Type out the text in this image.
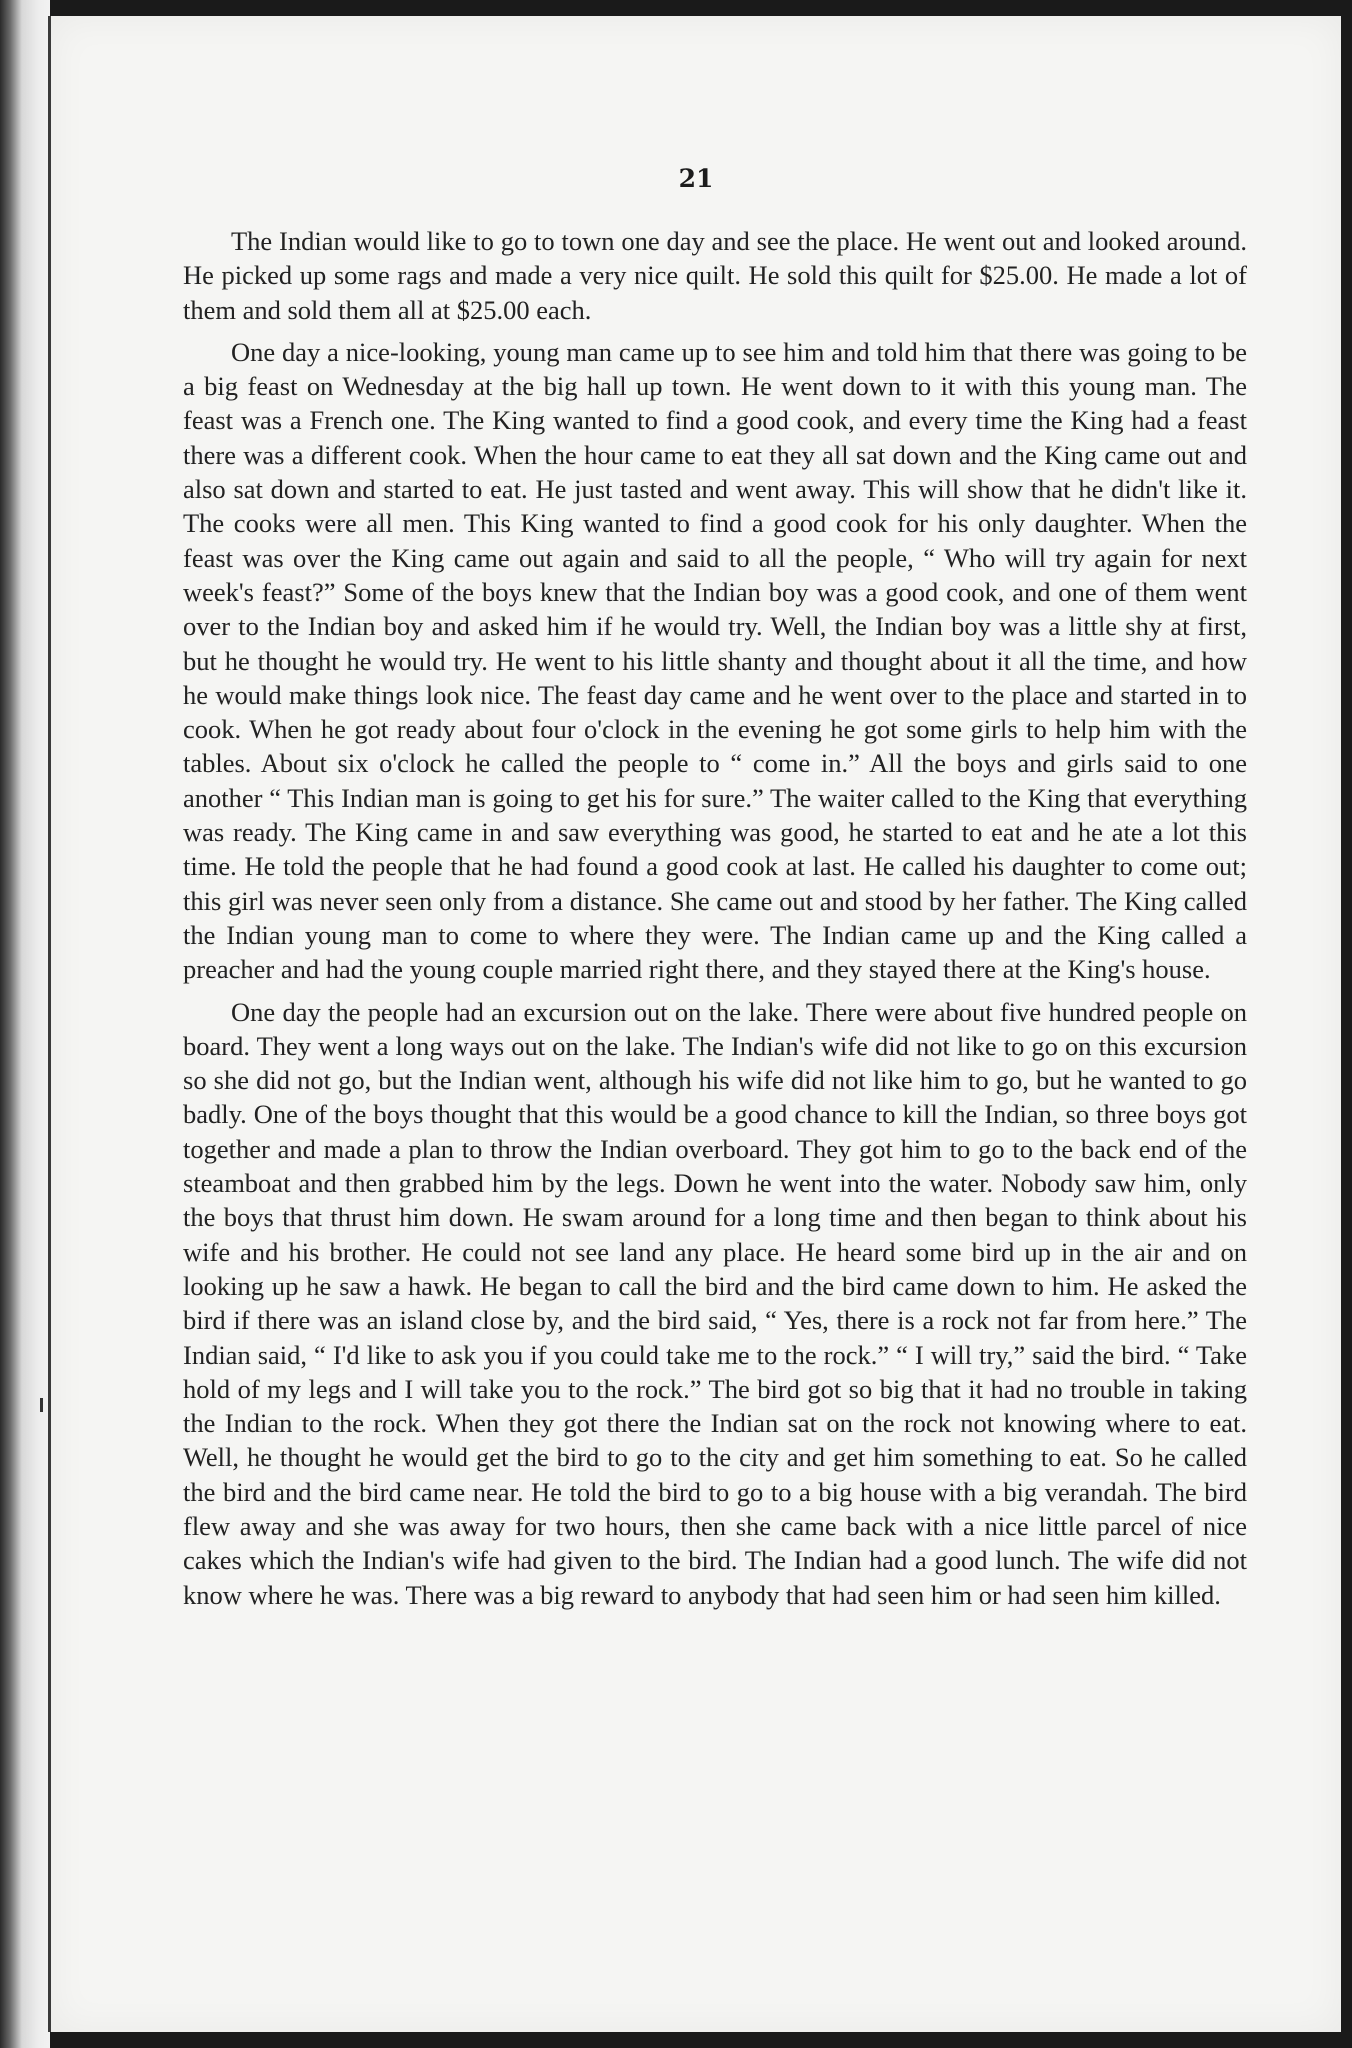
21

The Indian would like to go to town one day and see the place. He went out and looked around. He picked up some rags and made a very nice quilt. He sold this quilt for $25.00. He made a lot of them and sold them all at $25.00 each.

One day a nice-looking, young man came up to see him and told him that there was going to be a big feast on Wednesday at the big hall up town. He went down to it with this young man. The feast was a French one. The King wanted to find a good cook, and every time the King had a feast there was a different cook. When the hour came to eat they all sat down and the King came out and also sat down and started to eat. He just tasted and went away. This will show that he didn't like it. The cooks were all men. This King wanted to find a good cook for his only daughter. When the feast was over the King came out again and said to all the people, “ Who will try again for next week's feast?” Some of the boys knew that the Indian boy was a good cook, and one of them went over to the Indian boy and asked him if he would try. Well, the Indian boy was a little shy at first, but he thought he would try. He went to his little shanty and thought about it all the time, and how he would make things look nice. The feast day came and he went over to the place and started in to cook. When he got ready about four o'clock in the evening he got some girls to help him with the tables. About six o'clock he called the people to “ come in.” All the boys and girls said to one another “ This Indian man is going to get his for sure.” The waiter called to the King that everything was ready. The King came in and saw everything was good, he started to eat and he ate a lot this time. He told the people that he had found a good cook at last. He called his daughter to come out; this girl was never seen only from a distance. She came out and stood by her father. The King called the Indian young man to come to where they were. The Indian came up and the King called a preacher and had the young couple married right there, and they stayed there at the King's house.

One day the people had an excursion out on the lake. There were about five hundred people on board. They went a long ways out on the lake. The Indian's wife did not like to go on this excursion so she did not go, but the Indian went, although his wife did not like him to go, but he wanted to go badly. One of the boys thought that this would be a good chance to kill the Indian, so three boys got together and made a plan to throw the Indian overboard. They got him to go to the back end of the steamboat and then grabbed him by the legs. Down he went into the water. Nobody saw him, only the boys that thrust him down. He swam around for a long time and then began to think about his wife and his brother. He could not see land any place. He heard some bird up in the air and on looking up he saw a hawk. He began to call the bird and the bird came down to him. He asked the bird if there was an island close by, and the bird said, “ Yes, there is a rock not far from here.” The Indian said, “ I'd like to ask you if you could take me to the rock.” “ I will try,” said the bird. “ Take hold of my legs and I will take you to the rock.” The bird got so big that it had no trouble in taking the Indian to the rock. When they got there the Indian sat on the rock not knowing where to eat. Well, he thought he would get the bird to go to the city and get him something to eat. So he called the bird and the bird came near. He told the bird to go to a big house with a big verandah. The bird flew away and she was away for two hours, then she came back with a nice little parcel of nice cakes which the Indian's wife had given to the bird. The Indian had a good lunch. The wife did not know where he was. There was a big reward to anybody that had seen him or had seen him killed.
